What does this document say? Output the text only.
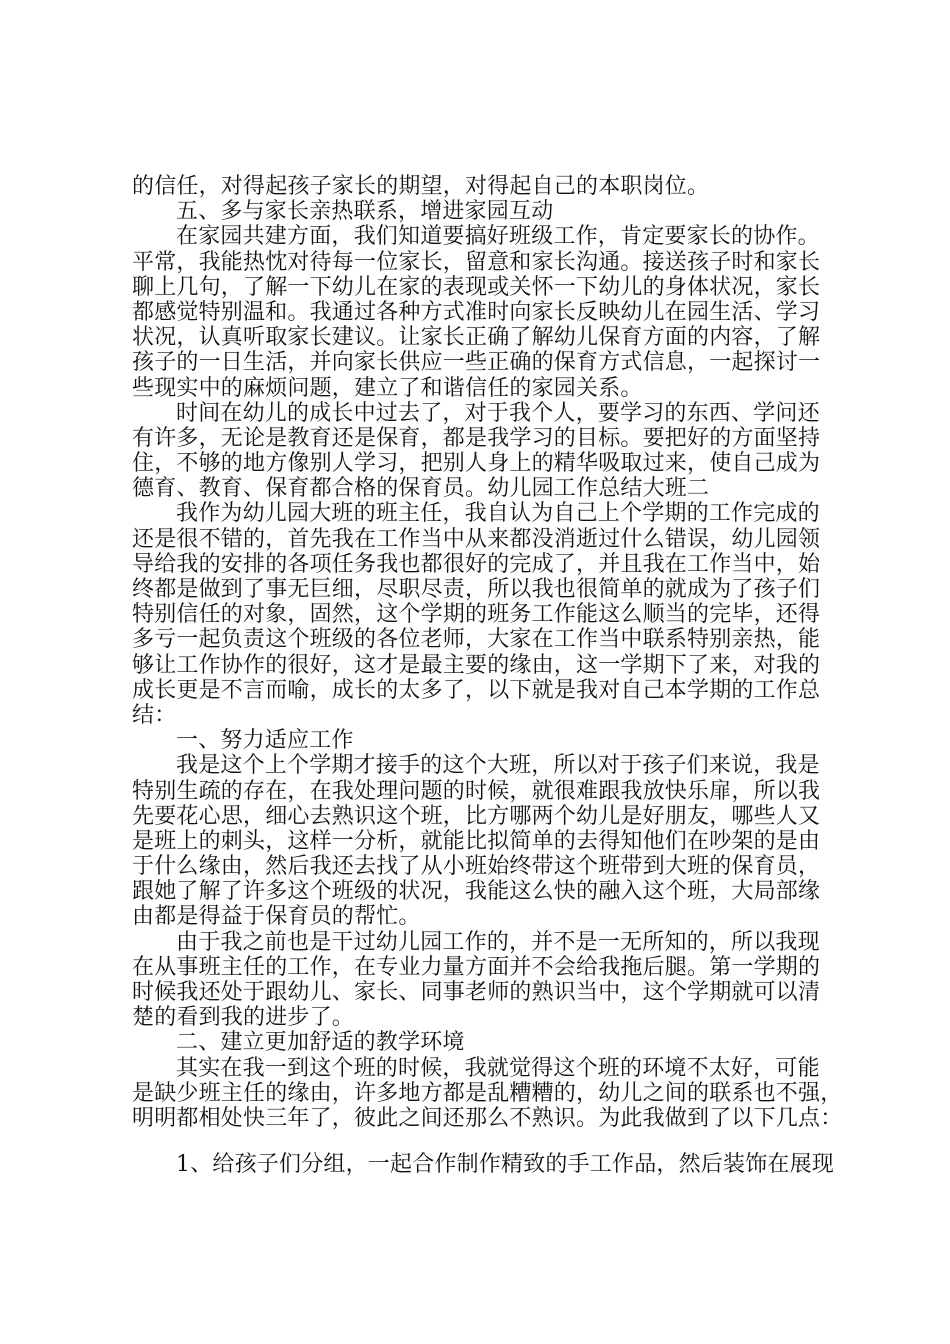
的信任，对得起孩子家长的期望，对得起自己的本职岗位。
五、多与家长亲热联系，增进家园互动
在家园共建方面，我们知道要搞好班级工作，肯定要家长的协作。
平常，我能热忱对待每一位家长，留意和家长沟通。接送孩子时和家长
聊上几句，了解一下幼儿在家的表现或关怀一下幼儿的身体状况，家长
都感觉特别温和。我通过各种方式准时向家长反映幼儿在园生活、学习
状况，认真听取家长建议。让家长正确了解幼儿保育方面的内容，了解
孩子的一日生活，并向家长供应一些正确的保育方式信息，一起探讨一
些现实中的麻烦问题，建立了和谐信任的家园关系。
时间在幼儿的成长中过去了，对于我个人，要学习的东西、学问还
有许多，无论是教育还是保育，都是我学习的目标。要把好的方面坚持
住，不够的地方像别人学习，把别人身上的精华吸取过来，使自己成为
德育、教育、保育都合格的保育员。幼儿园工作总结大班二
我作为幼儿园大班的班主任，我自认为自己上个学期的工作完成的
还是很不错的，首先我在工作当中从来都没消逝过什么错误，幼儿园领
导给我的安排的各项任务我也都很好的完成了，并且我在工作当中，始
终都是做到了事无巨细，尽职尽责，所以我也很简单的就成为了孩子们
特别信任的对象，固然，这个学期的班务工作能这么顺当的完毕，还得
多亏一起负责这个班级的各位老师，大家在工作当中联系特别亲热，能
够让工作协作的很好，这才是最主要的缘由，这一学期下了来，对我的
成长更是不言而喻，成长的太多了，以下就是我对自己本学期的工作总
结：
一、努力适应工作
我是这个上个学期才接手的这个大班，所以对于孩子们来说，我是
特别生疏的存在，在我处理问题的时候，就很难跟我放快乐扉，所以我
先要花心思，细心去熟识这个班，比方哪两个幼儿是好朋友，哪些人又
是班上的刺头，这样一分析，就能比拟简单的去得知他们在吵架的是由
于什么缘由，然后我还去找了从小班始终带这个班带到大班的保育员，
跟她了解了许多这个班级的状况，我能这么快的融入这个班，大局部缘
由都是得益于保育员的帮忙。
由于我之前也是干过幼儿园工作的，并不是一无所知的，所以我现
在从事班主任的工作，在专业力量方面并不会给我拖后腿。第一学期的
时候我还处于跟幼儿、家长、同事老师的熟识当中，这个学期就可以清
楚的看到我的进步了。
二、建立更加舒适的教学环境
其实在我一到这个班的时候，我就觉得这个班的环境不太好，可能
是缺少班主任的缘由，许多地方都是乱糟糟的，幼儿之间的联系也不强，
明明都相处快三年了，彼此之间还那么不熟识。为此我做到了以下几点：
1、给孩子们分组，一起合作制作精致的手工作品，然后装饰在展现
